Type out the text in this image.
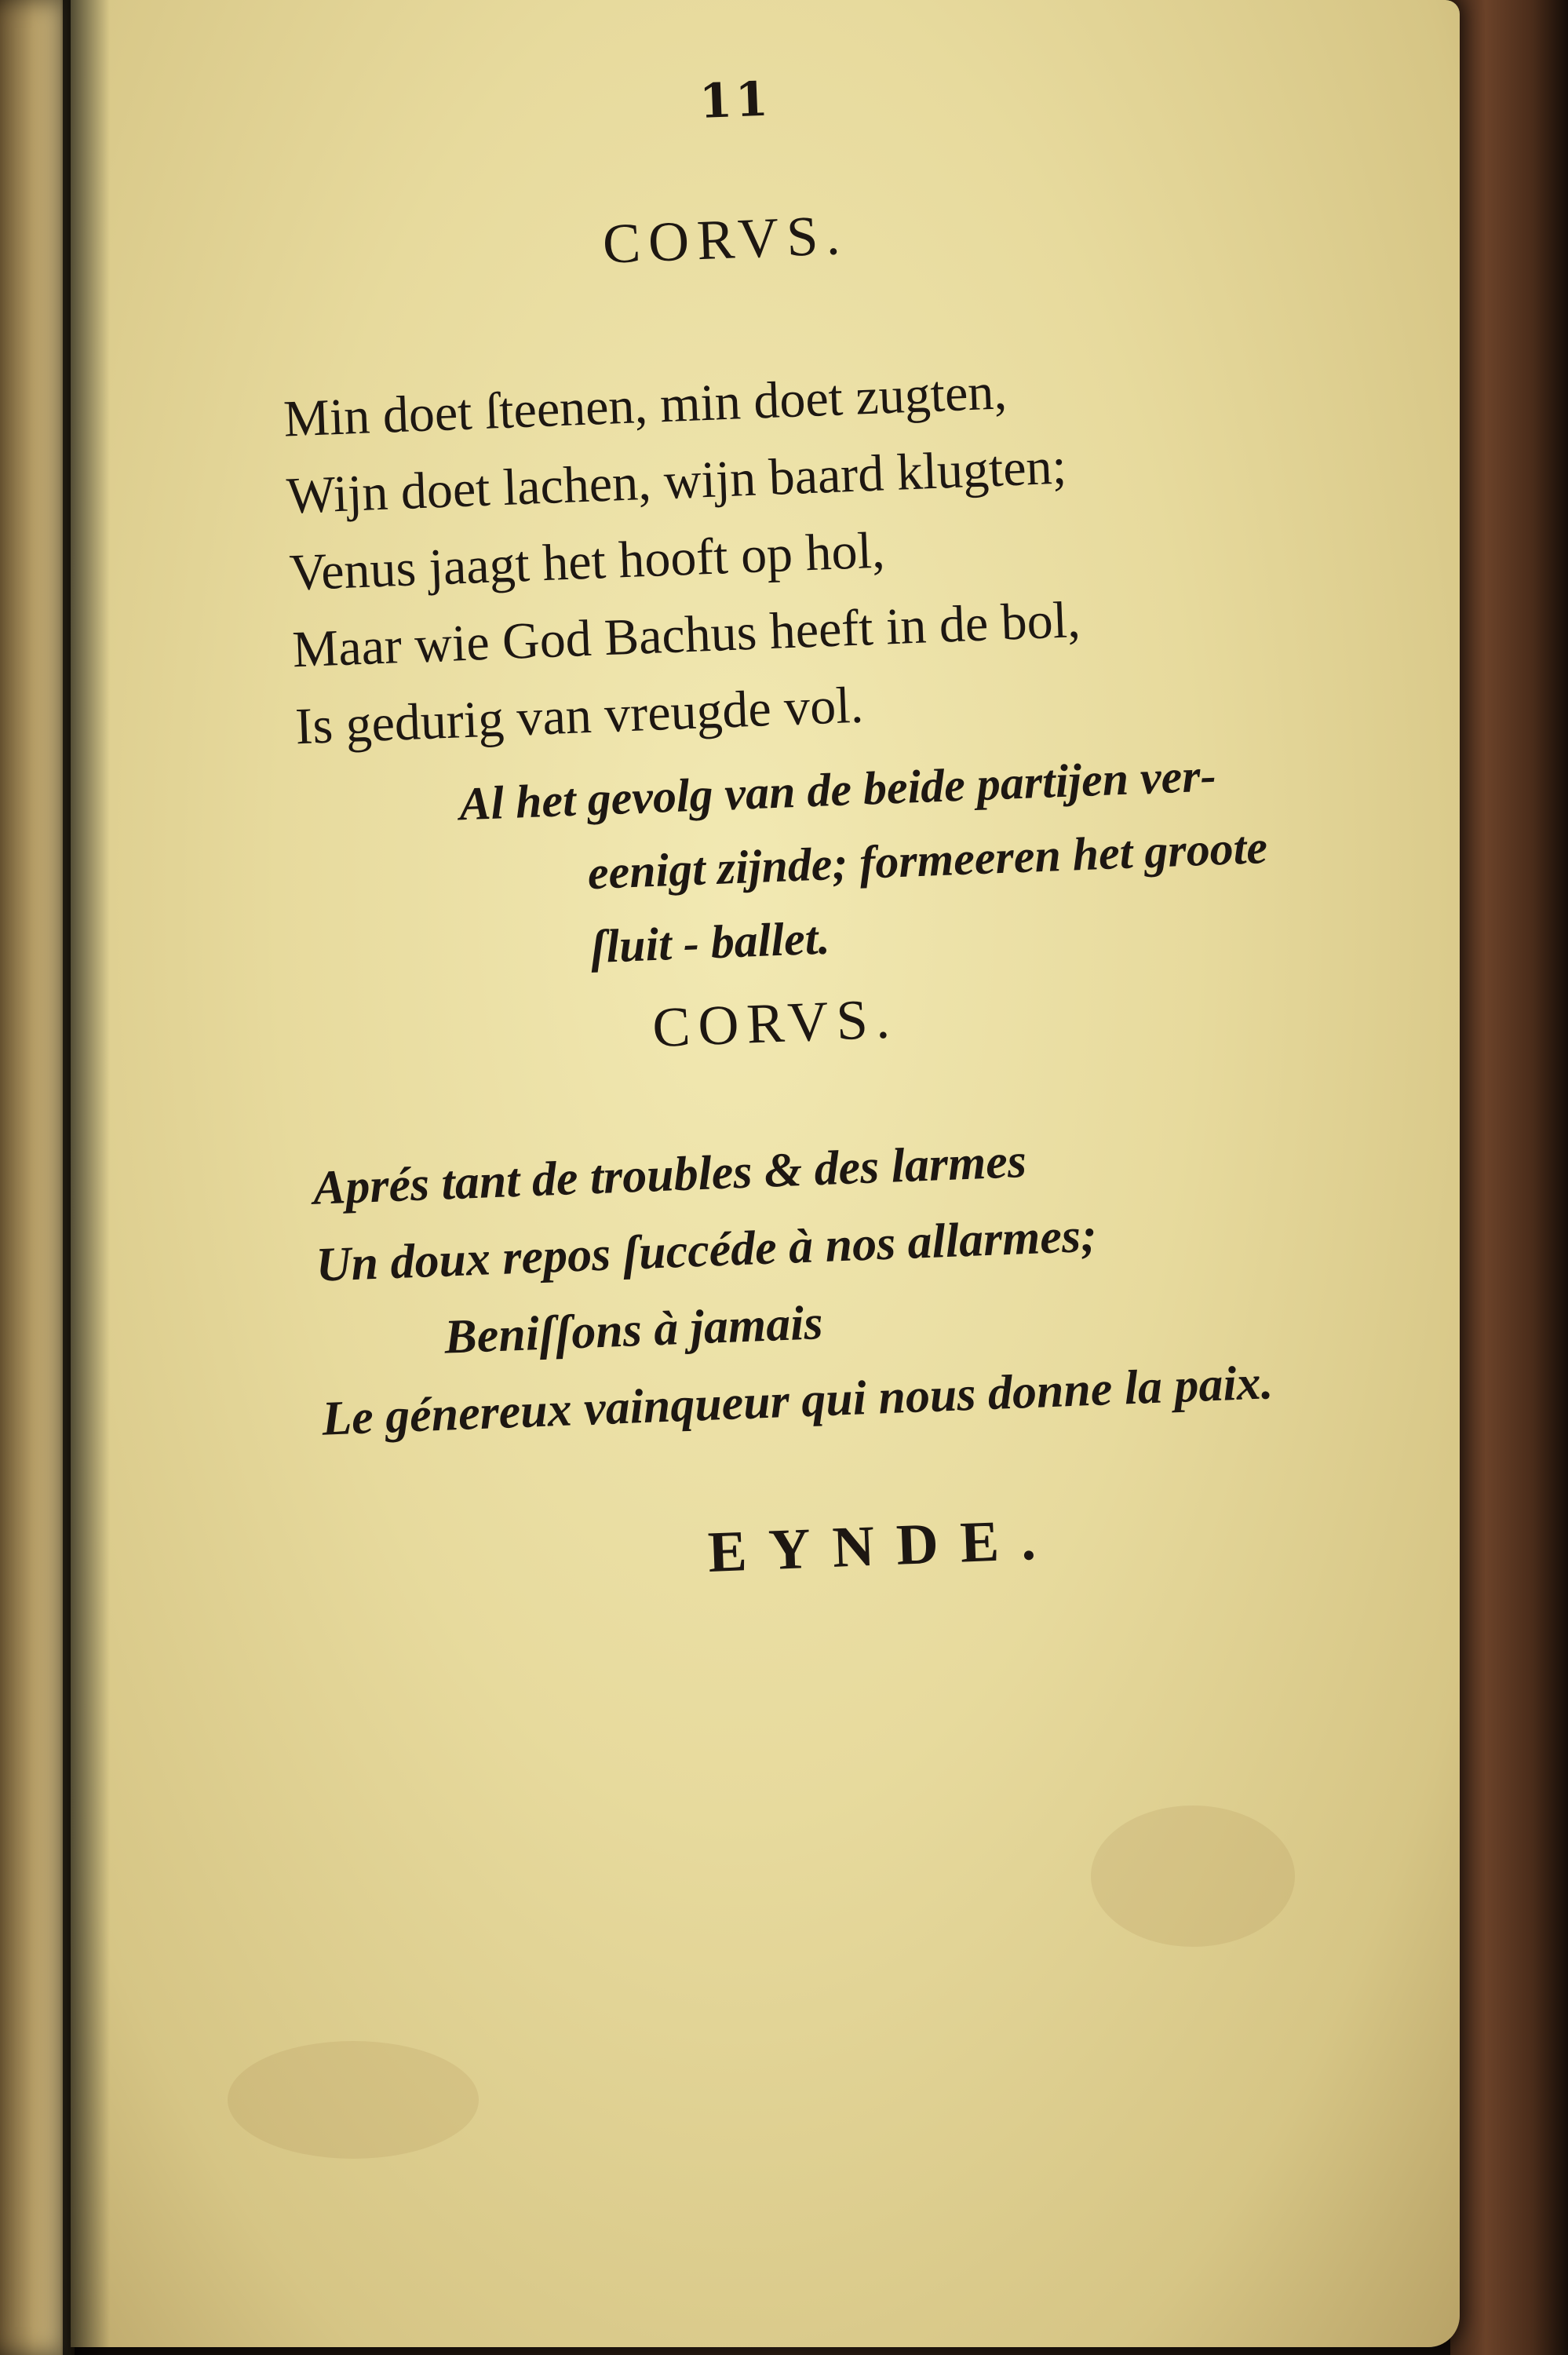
11
CORVS.
Min doet ſteenen, min doet zugten,
Wijn doet lachen, wijn baard klugten;
Venus jaagt het hooft op hol,
Maar wie God Bachus heeft in de bol,
Is gedurig van vreugde vol.
Al het gevolg van de beide partijen ver-
eenigt zijnde; formeeren het groote
ſluit - ballet.
CORVS.
Aprés tant de troubles & des larmes
Un doux repos ſuccéde à nos allarmes;
Beniſſons à jamais
Le génereux vainqueur qui nous donne la paix.
EYNDE.
